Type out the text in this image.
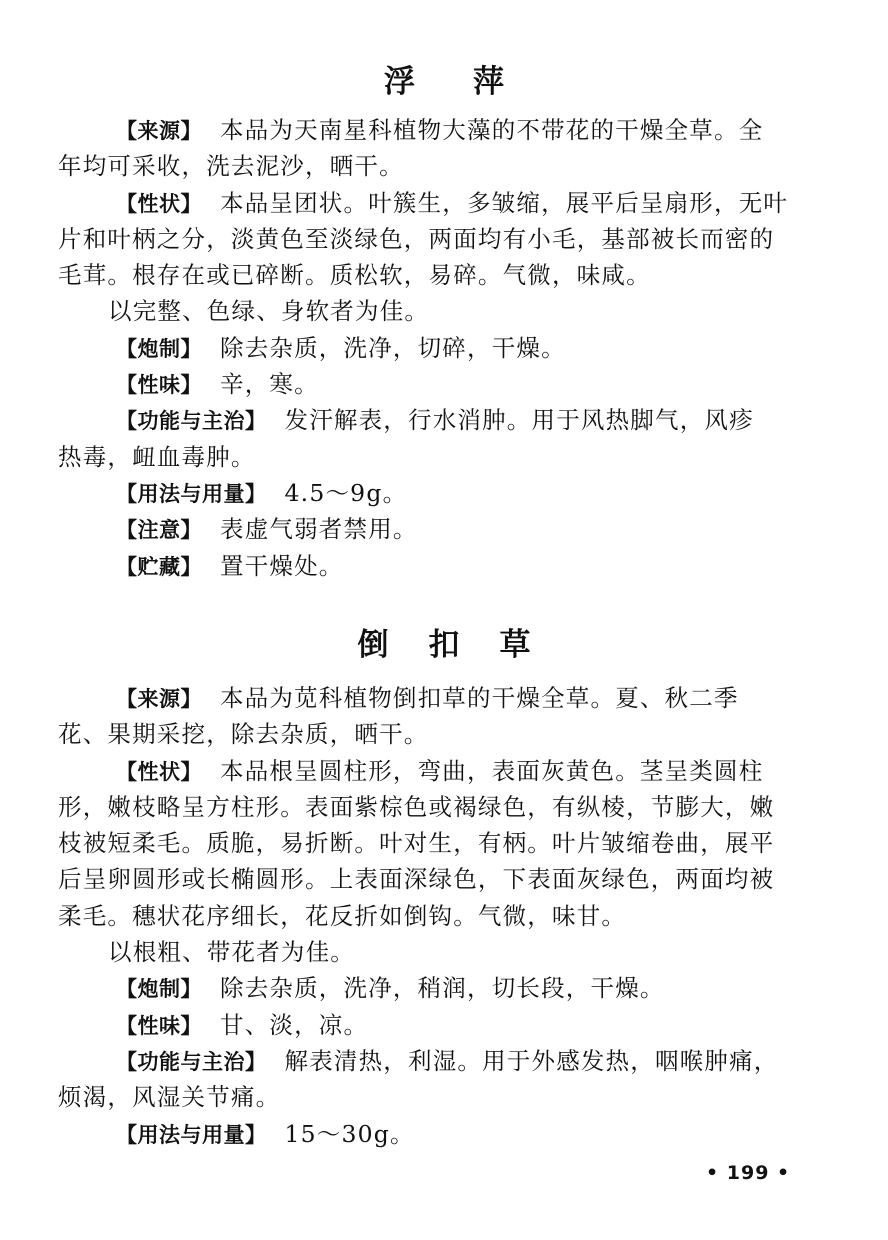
浮萍
【来源】 本品为天南星科植物大藻的不带花的干燥全草。全
年均可采收，洗去泥沙，晒干。
【性状】 本品呈团状。叶簇生，多皱缩，展平后呈扇形，无叶
片和叶柄之分，淡黄色至淡绿色，两面均有小毛，基部被长而密的
毛茸。根存在或已碎断。质松软，易碎。气微，味咸。
以完整、色绿、身软者为佳。
【炮制】 除去杂质，洗净，切碎，干燥。
【性味】 辛，寒。
【功能与主治】 发汗解表，行水消肿。用于风热脚气，风疹
热毒，衄血毒肿。
【用法与用量】 4.5～9g。
【注意】 表虚气弱者禁用。
【贮藏】 置干燥处。
倒扣草
【来源】 本品为苋科植物倒扣草的干燥全草。夏、秋二季
花、果期采挖，除去杂质，晒干。
【性状】 本品根呈圆柱形，弯曲，表面灰黄色。茎呈类圆柱
形，嫩枝略呈方柱形。表面紫棕色或褐绿色，有纵棱，节膨大，嫩
枝被短柔毛。质脆，易折断。叶对生，有柄。叶片皱缩卷曲，展平
后呈卵圆形或长椭圆形。上表面深绿色，下表面灰绿色，两面均被
柔毛。穗状花序细长，花反折如倒钩。气微，味甘。
以根粗、带花者为佳。
【炮制】 除去杂质，洗净，稍润，切长段，干燥。
【性味】 甘、淡，凉。
【功能与主治】 解表清热，利湿。用于外感发热，咽喉肿痛，
烦渴，风湿关节痛。
【用法与用量】 15～30g。
• 199 •
